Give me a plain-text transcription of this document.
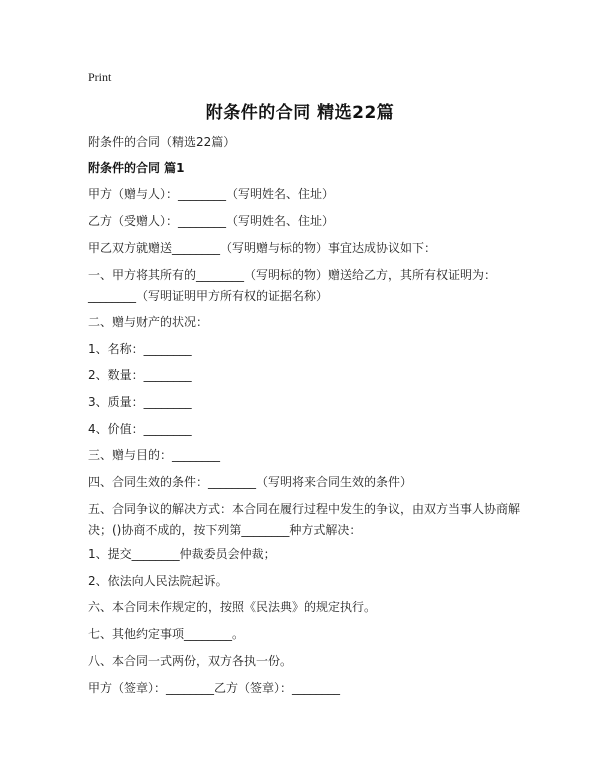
Print
附条件的合同 精选22篇
附条件的合同（精选22篇）
附条件的合同 篇1
甲方（赠与人）：________（写明姓名、住址）
乙方（受赠人）：________（写明姓名、住址）
甲乙双方就赠送________（写明赠与标的物）事宜达成协议如下：
一、甲方将其所有的________（写明标的物）赠送给乙方，其所有权证明为：________（写明证明甲方所有权的证据名称）
二、赠与财产的状况：
1、名称：________
2、数量：________
3、质量：________
4、价值：________
三、赠与目的：________
四、合同生效的条件：________（写明将来合同生效的条件）
五、合同争议的解决方式：本合同在履行过程中发生的争议，由双方当事人协商解决；()协商不成的，按下列第________种方式解决：
1、提交________仲裁委员会仲裁；
2、依法向人民法院起诉。
六、本合同未作规定的，按照《民法典》的规定执行。
七、其他约定事项________。
八、本合同一式两份，双方各执一份。
甲方（签章）：________乙方（签章）：________
